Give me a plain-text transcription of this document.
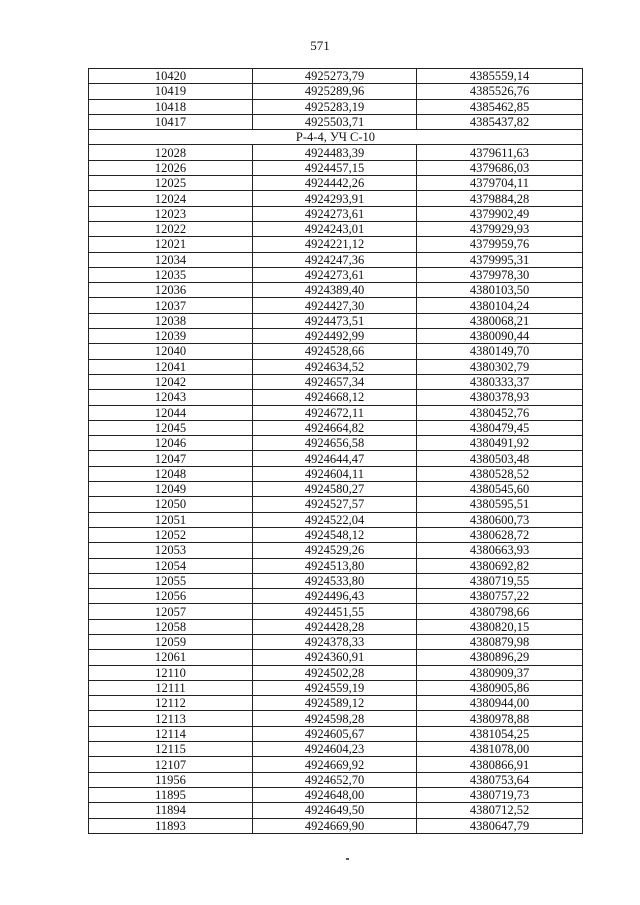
571
10420	4925273,79	4385559,14
10419	4925289,96	4385526,76
10418	4925283,19	4385462,85
10417	4925503,71	4385437,82
Р-4-4, УЧ С-10		
12028	4924483,39	4379611,63
12026	4924457,15	4379686,03
12025	4924442,26	4379704,11
12024	4924293,91	4379884,28
12023	4924273,61	4379902,49
12022	4924243,01	4379929,93
12021	4924221,12	4379959,76
12034	4924247,36	4379995,31
12035	4924273,61	4379978,30
12036	4924389,40	4380103,50
12037	4924427,30	4380104,24
12038	4924473,51	4380068,21
12039	4924492,99	4380090,44
12040	4924528,66	4380149,70
12041	4924634,52	4380302,79
12042	4924657,34	4380333,37
12043	4924668,12	4380378,93
12044	4924672,11	4380452,76
12045	4924664,82	4380479,45
12046	4924656,58	4380491,92
12047	4924644,47	4380503,48
12048	4924604,11	4380528,52
12049	4924580,27	4380545,60
12050	4924527,57	4380595,51
12051	4924522,04	4380600,73
12052	4924548,12	4380628,72
12053	4924529,26	4380663,93
12054	4924513,80	4380692,82
12055	4924533,80	4380719,55
12056	4924496,43	4380757,22
12057	4924451,55	4380798,66
12058	4924428,28	4380820,15
12059	4924378,33	4380879,98
12061	4924360,91	4380896,29
12110	4924502,28	4380909,37
12111	4924559,19	4380905,86
12112	4924589,12	4380944,00
12113	4924598,28	4380978,88
12114	4924605,67	4381054,25
12115	4924604,23	4381078,00
12107	4924669,92	4380866,91
11956	4924652,70	4380753,64
11895	4924648,00	4380719,73
11894	4924649,50	4380712,52
11893	4924669,90	4380647,79
